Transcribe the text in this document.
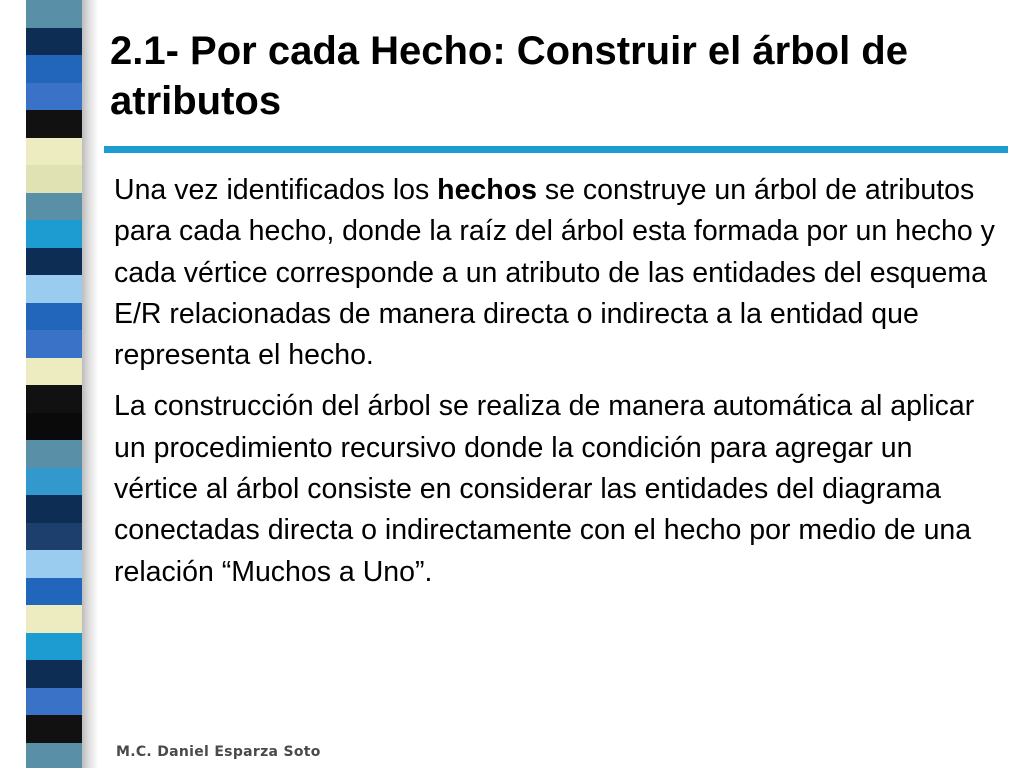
2.1- Por cada Hecho: Construir el árbol de atributos

Una vez identificados los hechos se construye un árbol de atributos para cada hecho, donde la raíz del árbol esta formada por un hecho y cada vértice corresponde a un atributo de las entidades del esquema E/R relacionadas de manera directa o indirecta a la entidad que representa el hecho.

La construcción del árbol se realiza de manera automática al aplicar un procedimiento recursivo donde la condición para agregar un vértice al árbol consiste en considerar las entidades del diagrama conectadas directa o indirectamente con el hecho por medio de una relación “Muchos a Uno”.

M.C. Daniel Esparza Soto
